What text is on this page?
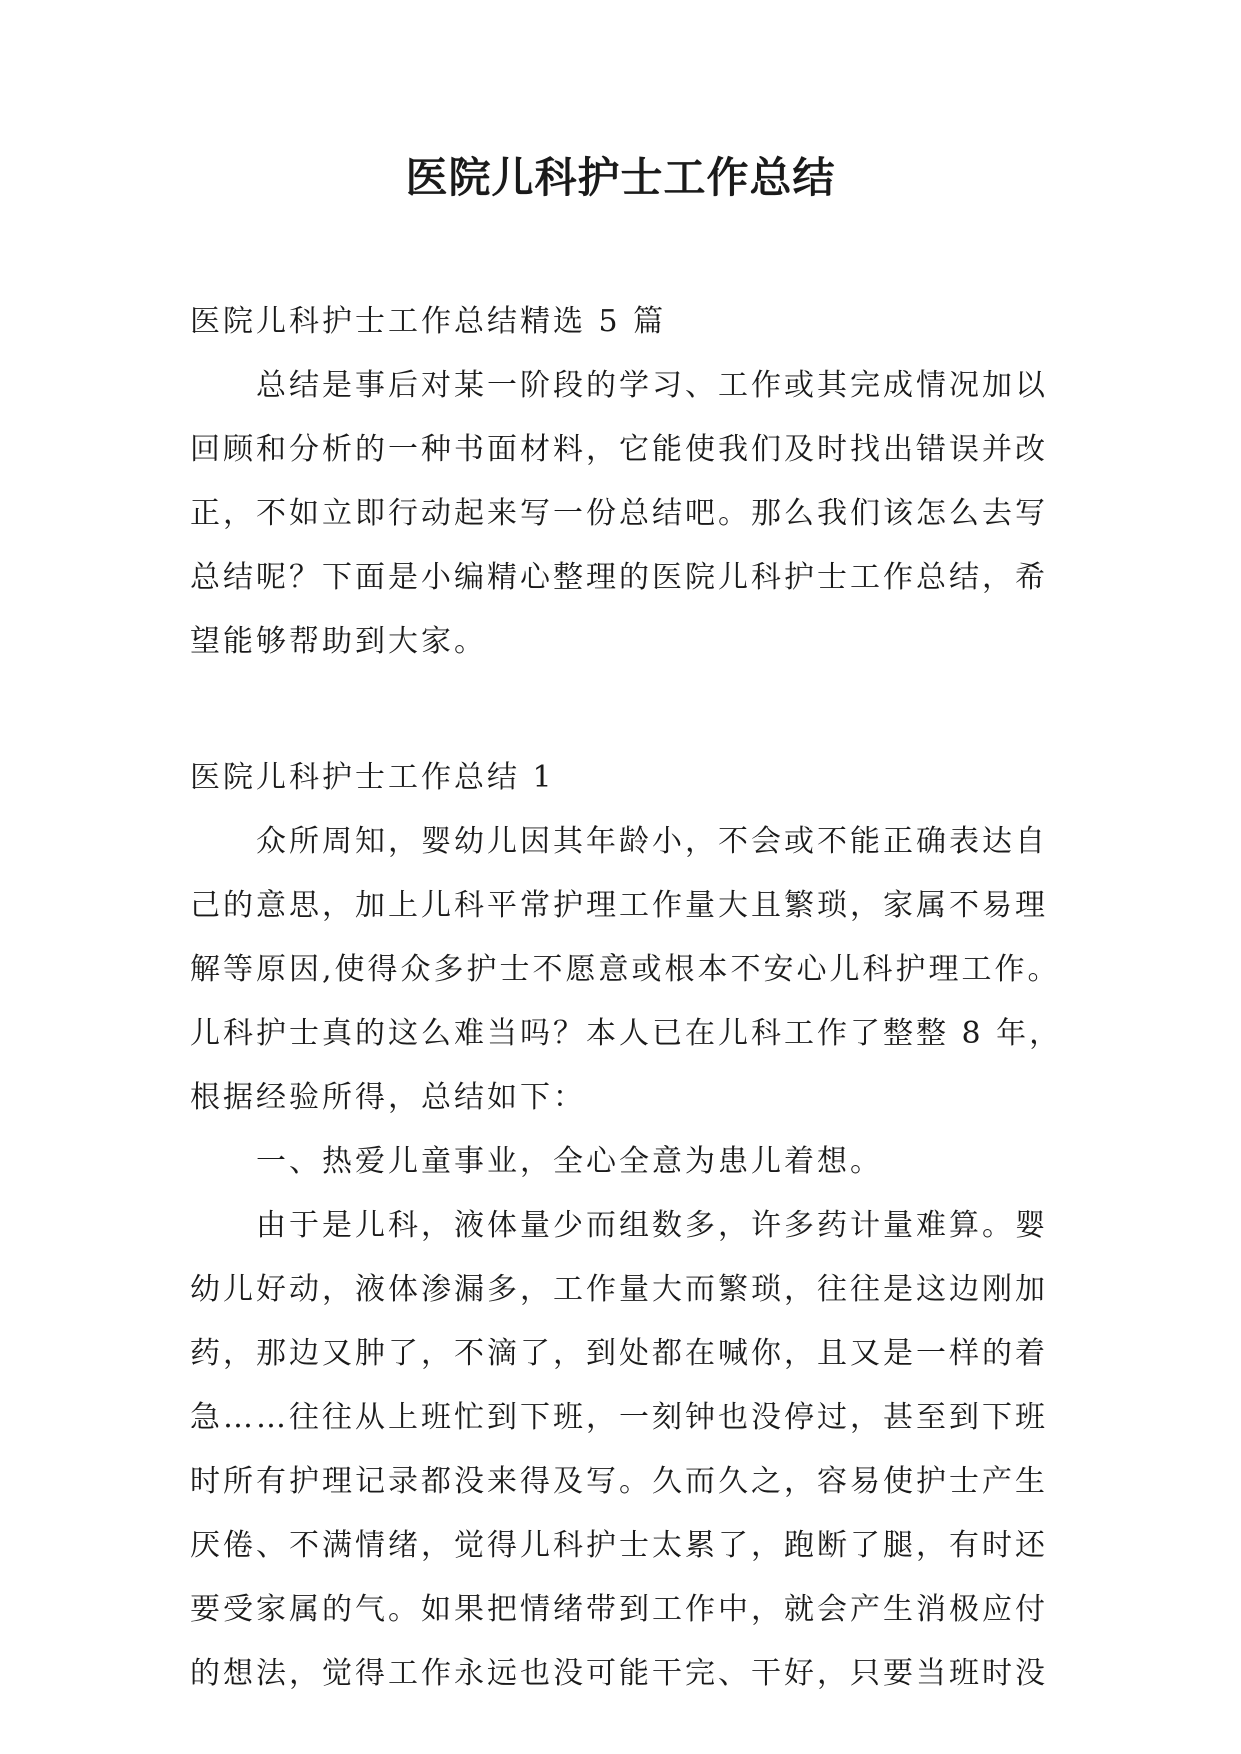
医院儿科护士工作总结
医院儿科护士工作总结精选 5 篇
总结是事后对某一阶段的学习、工作或其完成情况加以
回顾和分析的一种书面材料，它能使我们及时找出错误并改
正，不如立即行动起来写一份总结吧。那么我们该怎么去写
总结呢？下面是小编精心整理的医院儿科护士工作总结，希
望能够帮助到大家。
医院儿科护士工作总结 1
众所周知，婴幼儿因其年龄小，不会或不能正确表达自
己的意思，加上儿科平常护理工作量大且繁琐，家属不易理
解等原因,使得众多护士不愿意或根本不安心儿科护理工作。
儿科护士真的这么难当吗？本人已在儿科工作了整整 8 年，
根据经验所得，总结如下：
一、热爱儿童事业，全心全意为患儿着想。
由于是儿科，液体量少而组数多，许多药计量难算。婴
幼儿好动，液体渗漏多，工作量大而繁琐，往往是这边刚加
药，那边又肿了，不滴了，到处都在喊你，且又是一样的着
急……往往从上班忙到下班，一刻钟也没停过，甚至到下班
时所有护理记录都没来得及写。久而久之，容易使护士产生
厌倦、不满情绪，觉得儿科护士太累了，跑断了腿，有时还
要受家属的气。如果把情绪带到工作中，就会产生消极应付
的想法，觉得工作永远也没可能干完、干好，只要当班时没
